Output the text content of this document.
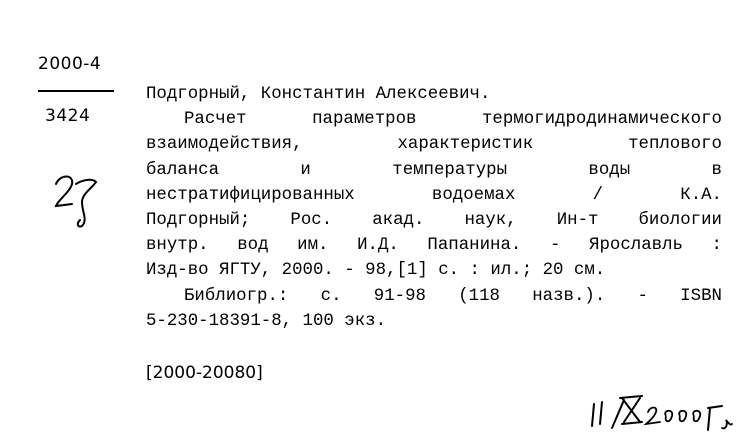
2000-4
3424
Подгорный, Константин Алексеевич.
Расчет параметров термогидродинамического
взаимодействия, характеристик теплового
баланса и температуры воды в
нестратифицированных водоемах / К.А.
Подгорный; Рос. акад. наук, Ин-т биологии
внутр. вод им. И.Д. Папанина. - Ярославль :
Изд-во ЯГТУ, 2000. - 98,[1] с. : ил.; 20 см.
Библиогр.: с. 91-98 (118 назв.). - ISBN
5-230-18391-8, 100 экз.
[2000-20080]
